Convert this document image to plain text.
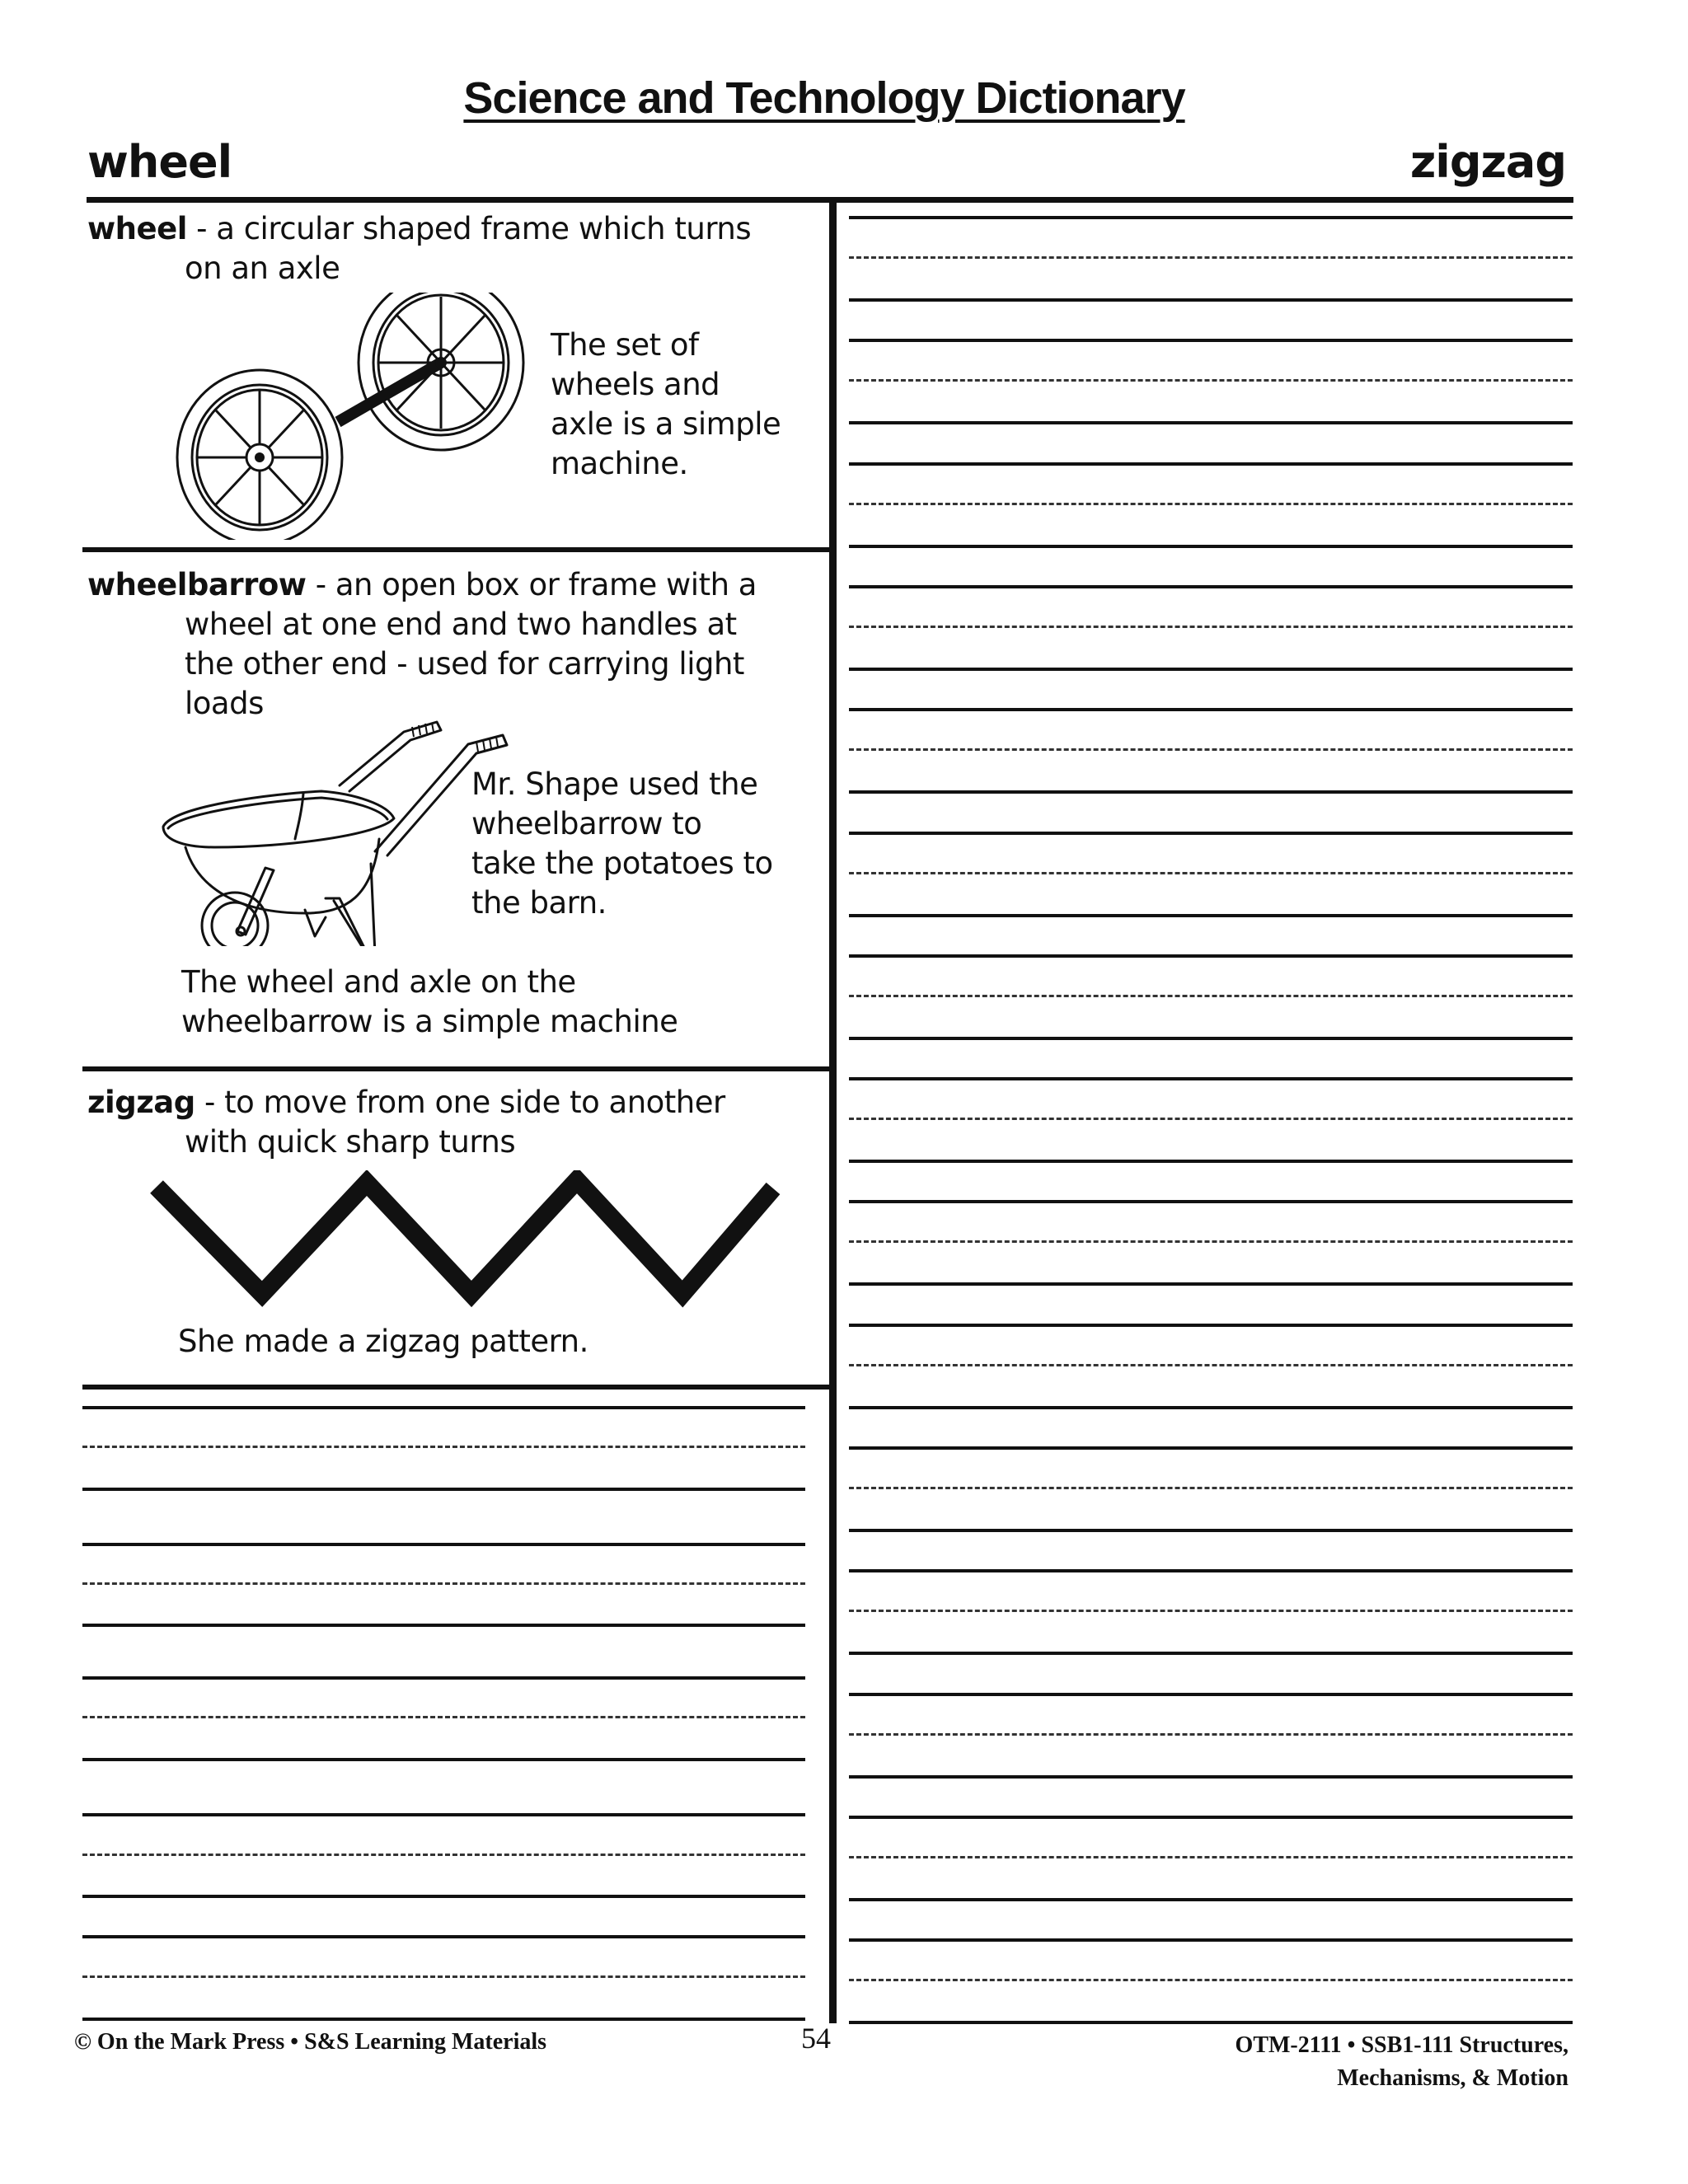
Science and Technology Dictionary
wheel	zigzag
wheel - a circular shaped frame which turns
on an axle
The set of
wheels and
axle is a simple
machine.
wheelbarrow - an open box or frame with a
wheel at one end and two handles at
the other end - used for carrying light
loads
Mr. Shape used the
wheelbarrow to
take the potatoes to
the barn.
The wheel and axle on the
wheelbarrow is a simple machine
zigzag - to move from one side to another
with quick sharp turns
She made a zigzag pattern.
© On the Mark Press • S&S Learning Materials	54	OTM-2111 • SSB1-111 Structures,
Mechanisms, & Motion
